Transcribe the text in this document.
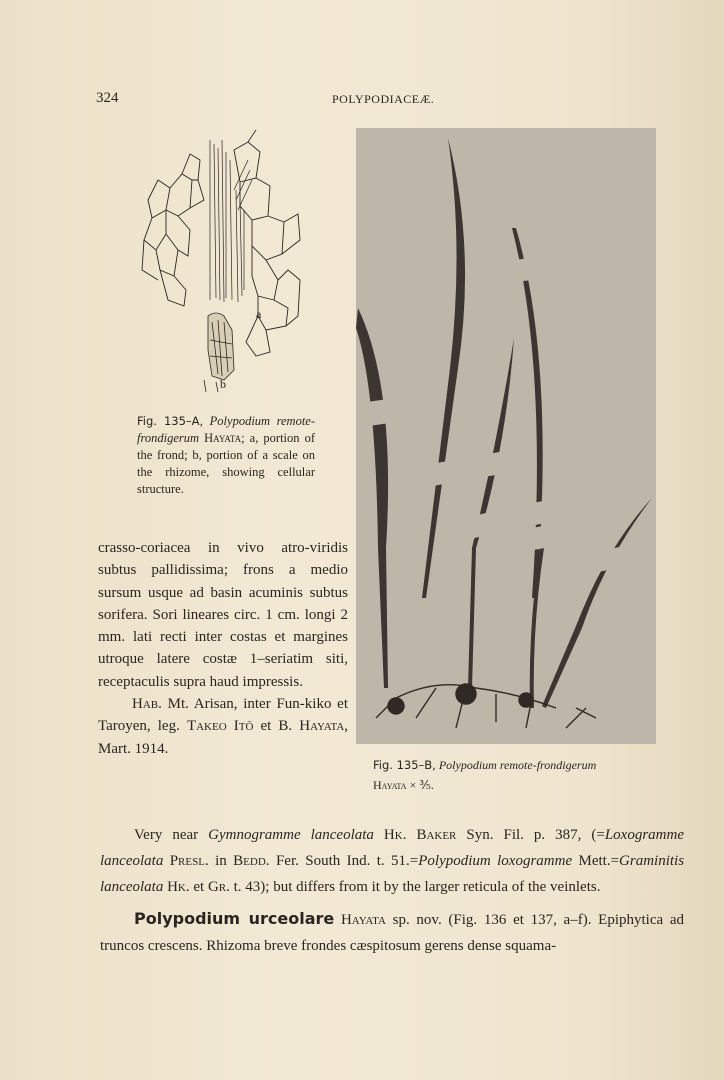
324	POLYPODIACEÆ.
a
b
Fig. 135–A, Polypodium remote-frondigerum Hayata; a, portion of the frond; b, portion of a scale on the rhizome, showing cellular structure.

crasso-coriacea in vivo atro-viridis subtus pallidissima; frons a medio sursum usque ad basin acuminis subtus sorifera. Sori lineares circ. 1 cm. longi 2 mm. lati recti inter costas et margines utroque latere costæ 1–seriatim siti, receptaculis supra haud impressis.

Hab. Mt. Arisan, inter Fun-kiko et Taroyen, leg. Takeo Itō et B. Hayata, Mart. 1914.

Fig. 135–B, Polypodium remote-frondigerum
Hayata × ⅗.

Very near Gymnogramme lanceolata Hk. Baker Syn. Fil. p. 387, (=Loxogramme lanceolata Presl. in Bedd. Fer. South Ind. t. 51.=Polypodium loxogramme Mett.=Graminitis lanceolata Hk. et Gr. t. 43); but differs from it by the larger reticula of the veinlets.

Polypodium urceolare Hayata sp. nov. (Fig. 136 et 137, a–f). Epiphytica ad truncos crescens. Rhizoma breve frondes cæspitosum gerens dense squama-
